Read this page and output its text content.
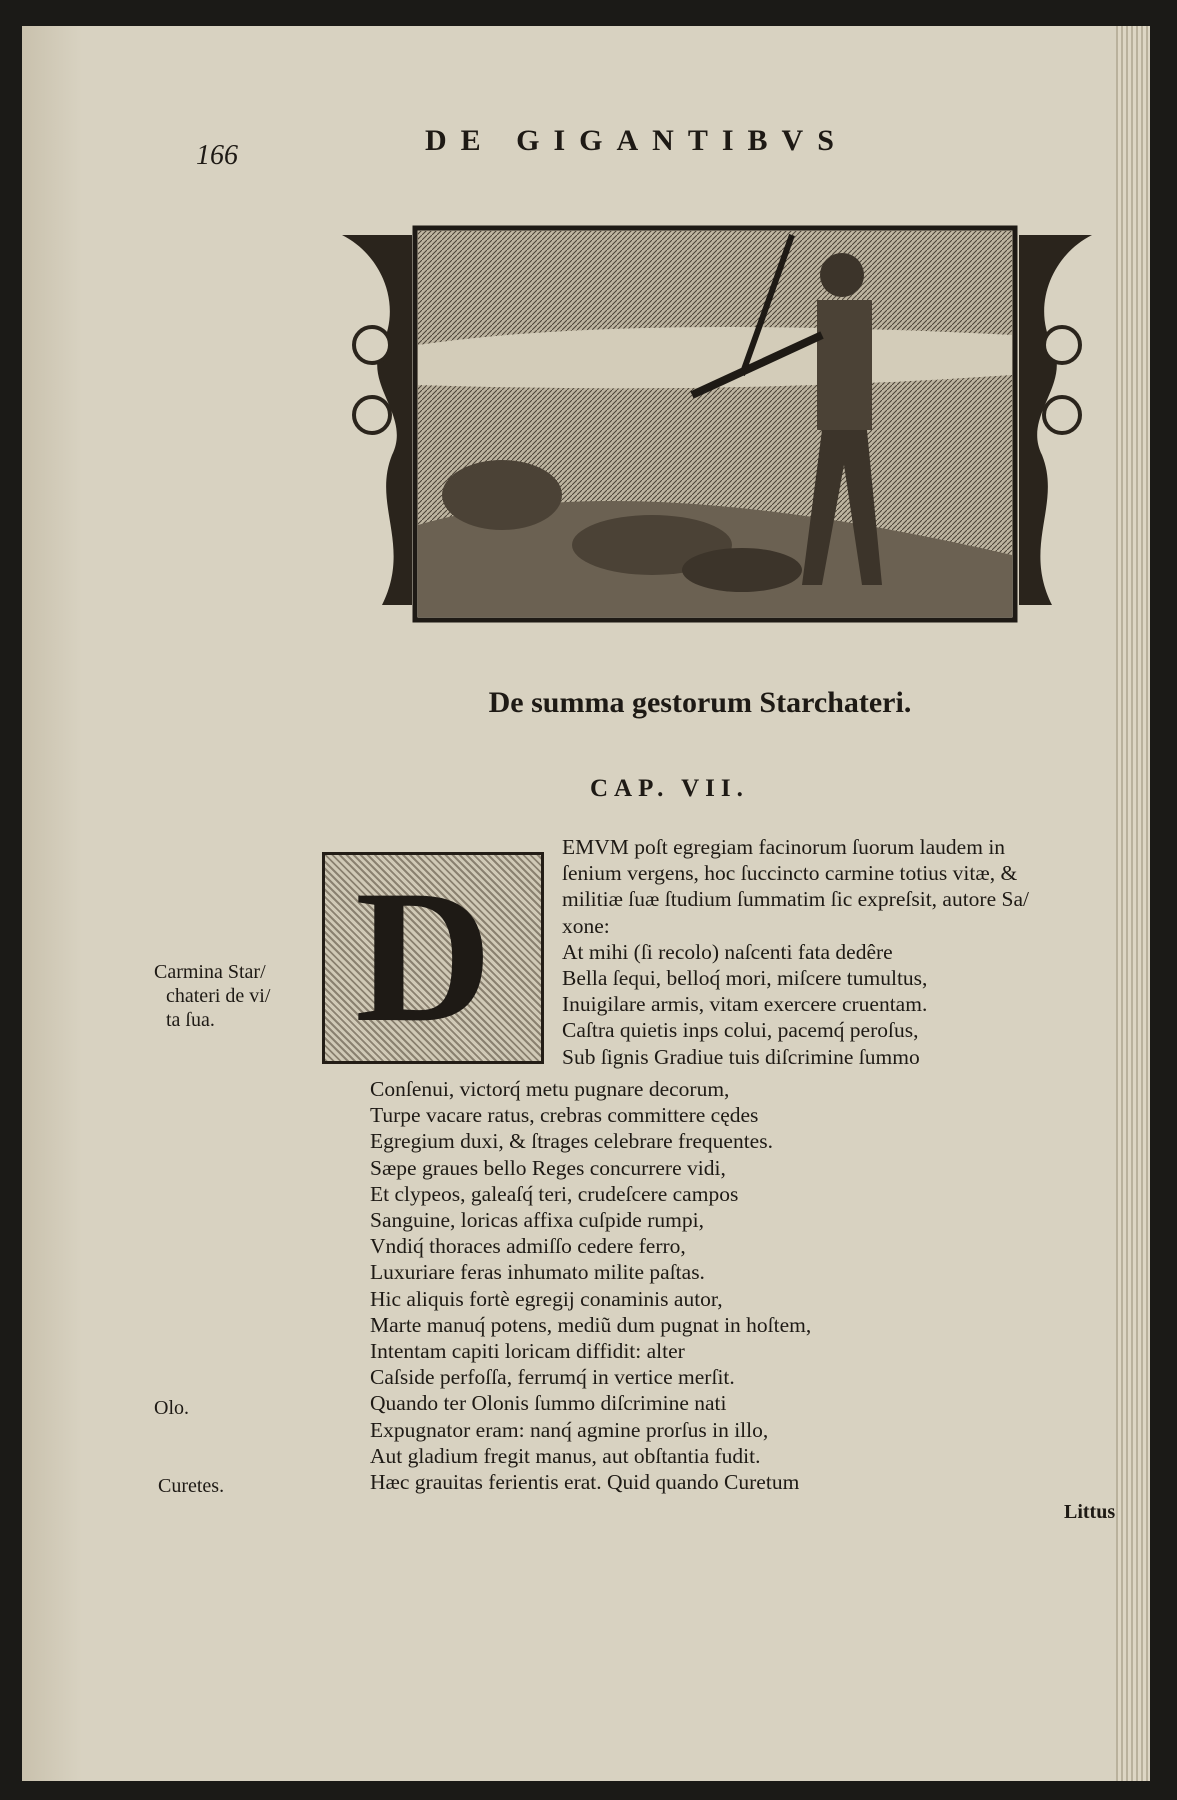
166	DE GIGANTIBVS
De summa gestorum Starchateri.
CAP. VII.
D
EMVM poſt egregiam facinorum ſuorum laudem in
ſenium vergens, hoc ſuccincto carmine totius vitæ, &
militiæ ſuæ ſtudium ſummatim ſic expreſsit, autore Sa/
xone:
At mihi (ſi recolo) naſcenti fata dedêre
Bella ſequi, belloq́ mori, miſcere tumultus,
Inuigilare armis, vitam exercere cruentam.
Caſtra quietis inps colui, pacemq́ peroſus,
Sub ſignis Gradiue tuis diſcrimine ſummo
Conſenui, victorq́ metu pugnare decorum,
Turpe vacare ratus, crebras committere cędes
Egregium duxi, & ſtrages celebrare frequentes.
Sæpe graues bello Reges concurrere vidi,
Et clypeos, galeaſq́ teri, crudeſcere campos
Sanguine, loricas affixa cuſpide rumpi,
Vndiq́ thoraces admiſſo cedere ferro,
Luxuriare feras inhumato milite paſtas.
Hic aliquis fortè egregij conaminis autor,
Marte manuq́ potens, mediũ dum pugnat in hoſtem,
Intentam capiti loricam diffidit: alter
Caſside perfoſſa, ferrumq́ in vertice merſit.
Quando ter Olonis ſummo diſcrimine nati
Expugnator eram: nanq́ agmine prorſus in illo,
Aut gladium fregit manus, aut obſtantia fudit.
Hæc grauitas ferientis erat. Quid quando Curetum
Carmina Star/
chateri de vi/
ta ſua.
Olo.
Curetes.
Littus
